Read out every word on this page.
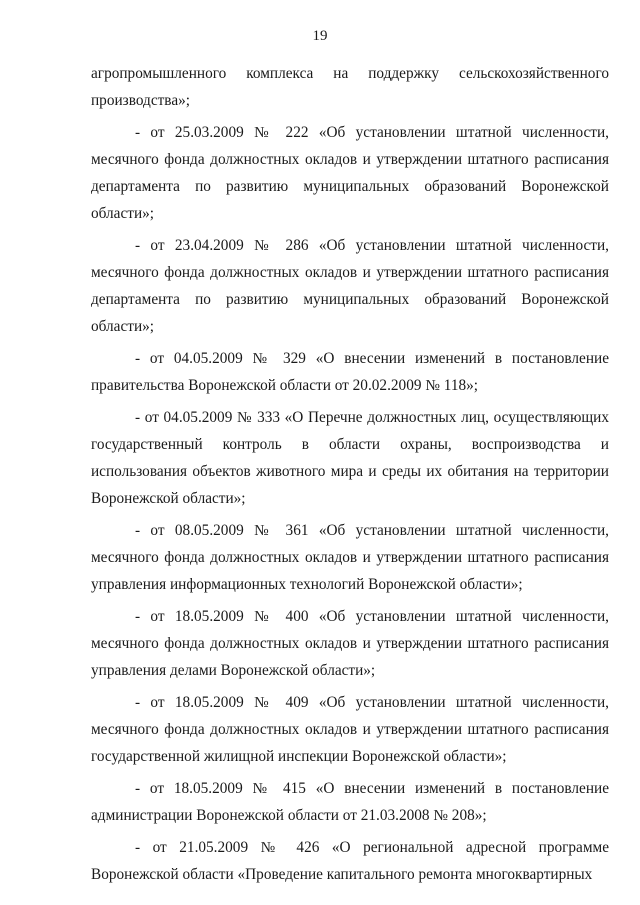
19

агропромышленного комплекса на поддержку сельскохозяйственного производства»;

- от 25.03.2009 № 222 «Об установлении штатной численности, месячного фонда должностных окладов и утверждении штатного расписания департамента по развитию муниципальных образований Воронежской области»;

- от 23.04.2009 № 286 «Об установлении штатной численности, месячного фонда должностных окладов и утверждении штатного расписания департамента по развитию муниципальных образований Воронежской области»;

- от 04.05.2009 № 329 «О внесении изменений в постановление правительства Воронежской области от 20.02.2009 № 118»;

- от 04.05.2009 № 333 «О Перечне должностных лиц, осуществляющих государственный контроль в области охраны, воспроизводства и использования объектов животного мира и среды их обитания на территории Воронежской области»;

- от 08.05.2009 № 361 «Об установлении штатной численности, месячного фонда должностных окладов и утверждении штатного расписания управления информационных технологий Воронежской области»;

- от 18.05.2009 № 400 «Об установлении штатной численности, месячного фонда должностных окладов и утверждении штатного расписания управления делами Воронежской области»;

- от 18.05.2009 № 409 «Об установлении штатной численности, месячного фонда должностных окладов и утверждении штатного расписания государственной жилищной инспекции Воронежской области»;

- от 18.05.2009 № 415 «О внесении изменений в постановление администрации Воронежской области от 21.03.2008 № 208»;

- от 21.05.2009 № 426 «О региональной адресной программе Воронежской области «Проведение капитального ремонта многоквартирных
